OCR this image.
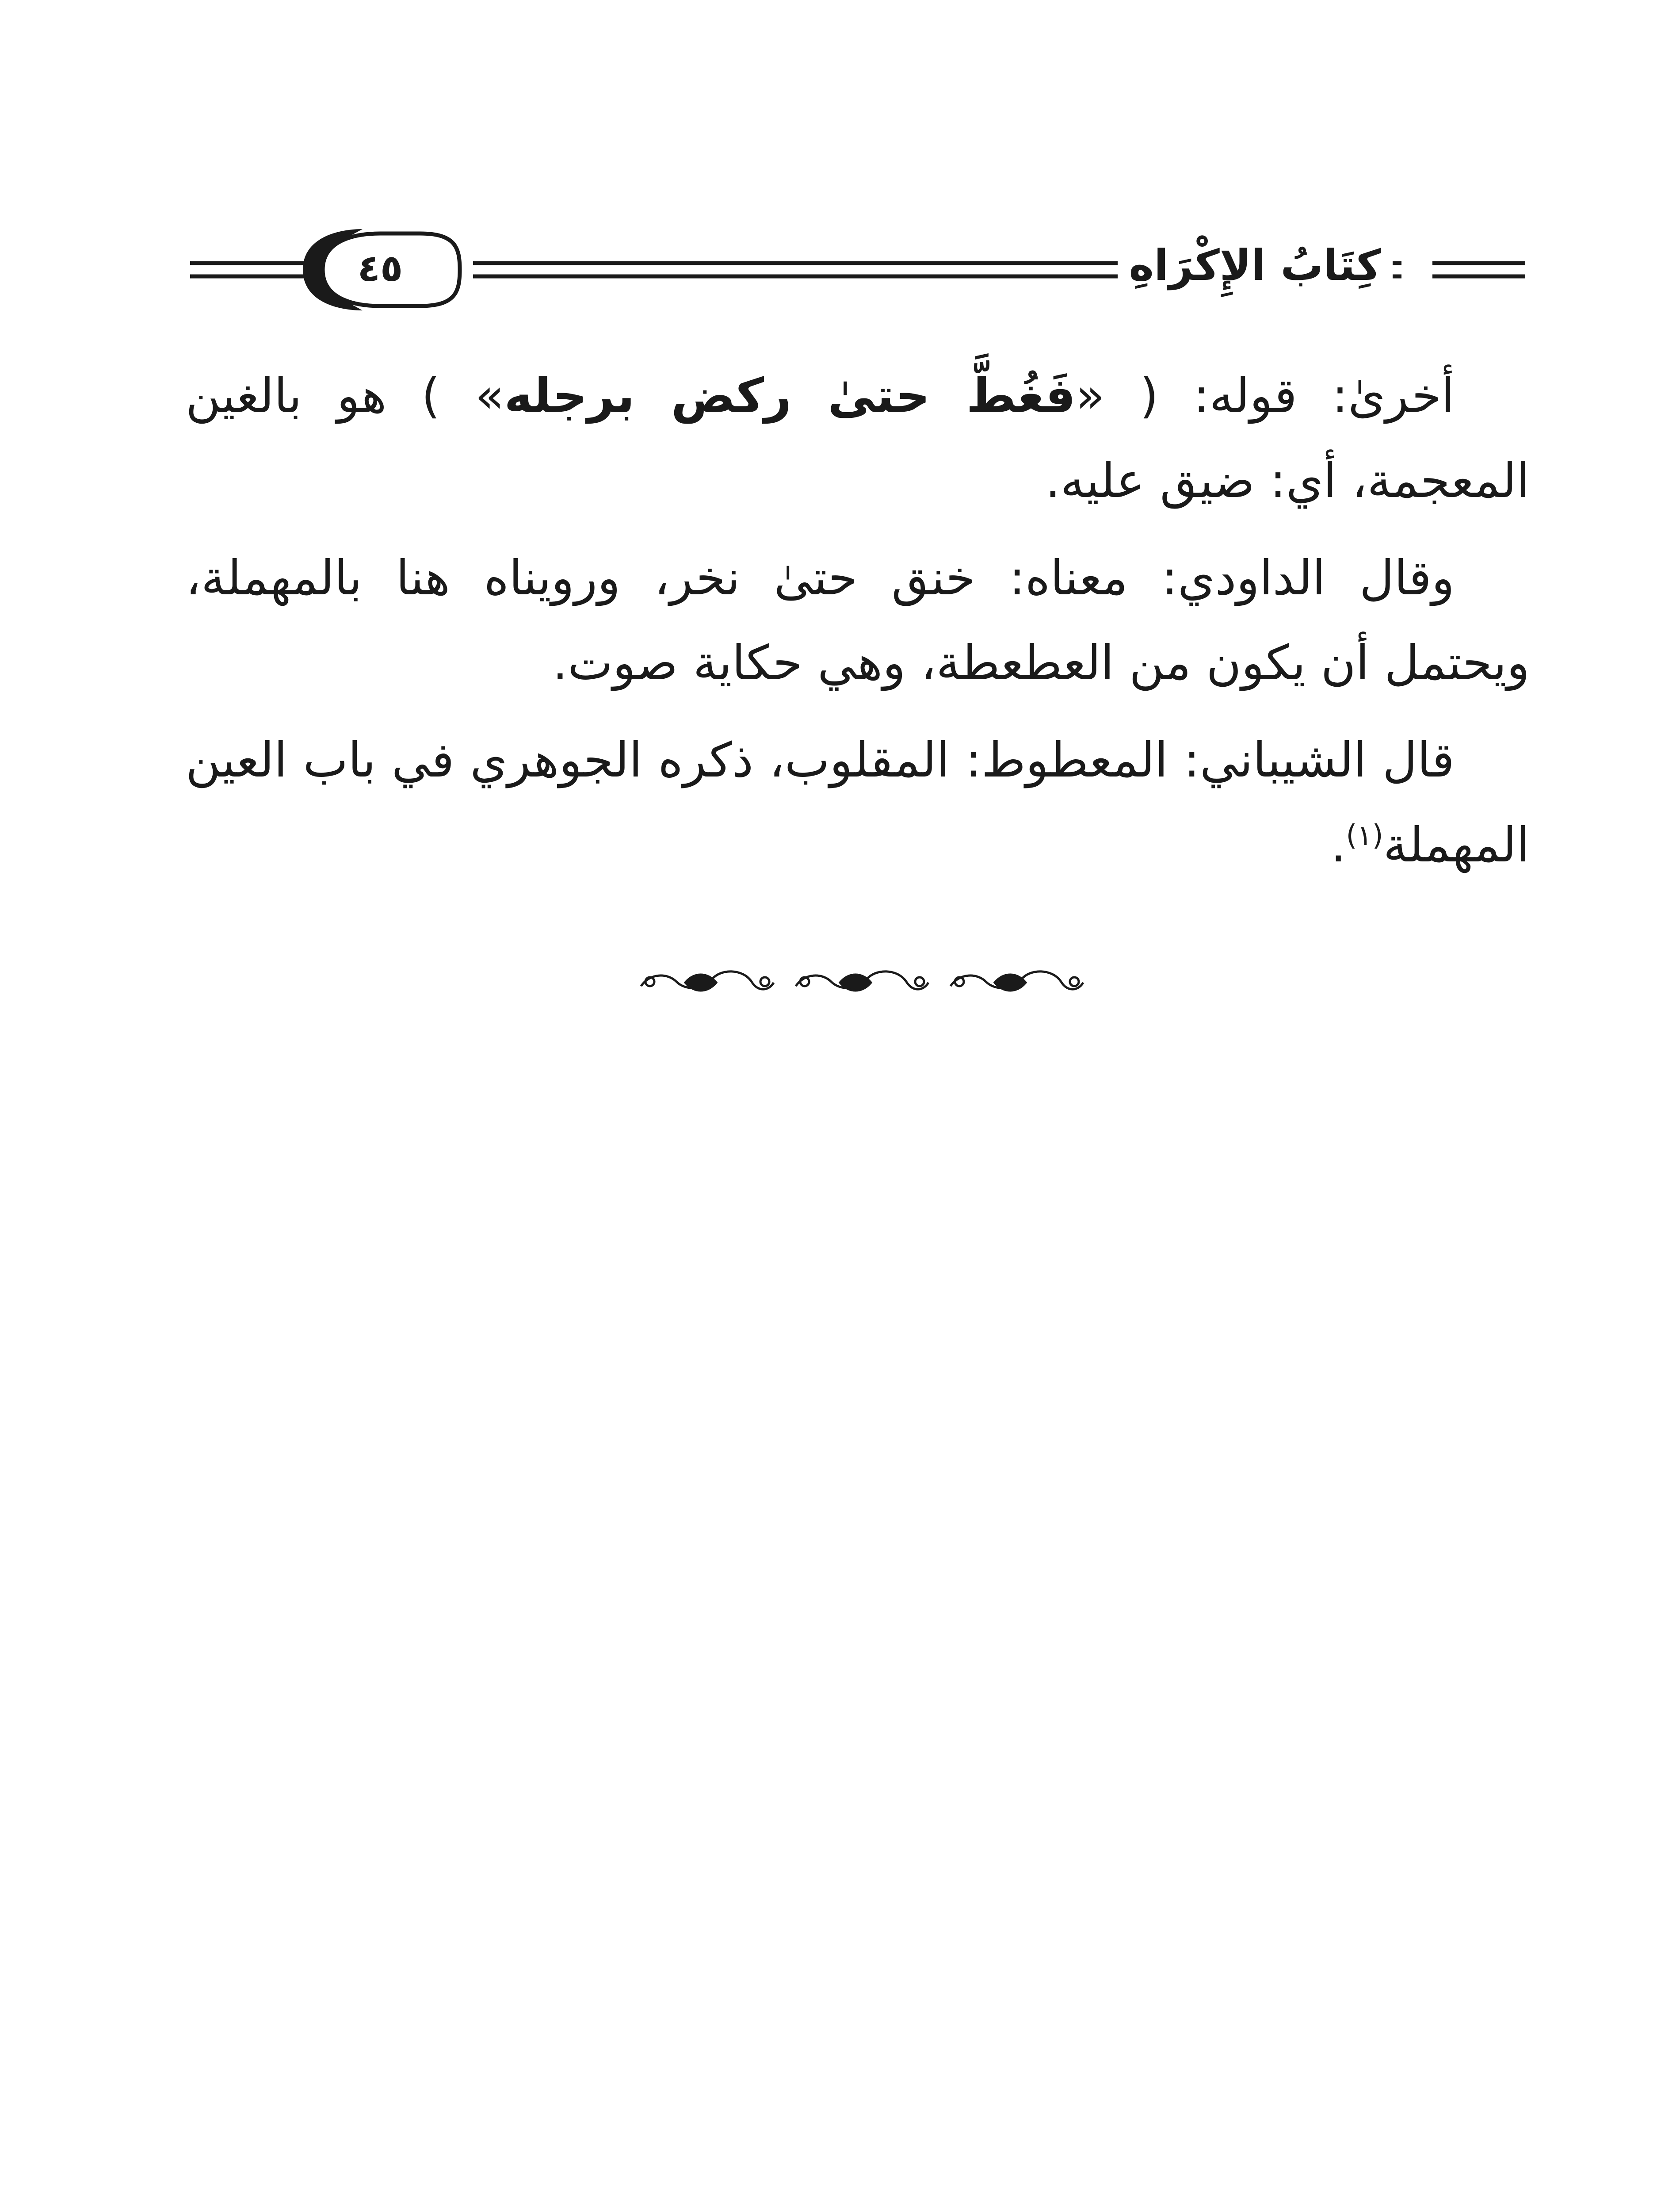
كِتَابُ الإِكْرَاهِ
٤٥

أخرىٰ: قوله: ( «فَغُطَّ حتىٰ ركض برجله» ) هو بالغين المعجمة، أي: ضيق عليه.

وقال الداودي: معناه: خنق حتىٰ نخر، ورويناه هنا بالمهملة، ويحتمل أن يكون من العطعطة، وهي حكاية صوت.

قال الشيباني: المعطوط: المقلوب، ذكره الجوهري في باب العين المهملة$^{(١)}$.
